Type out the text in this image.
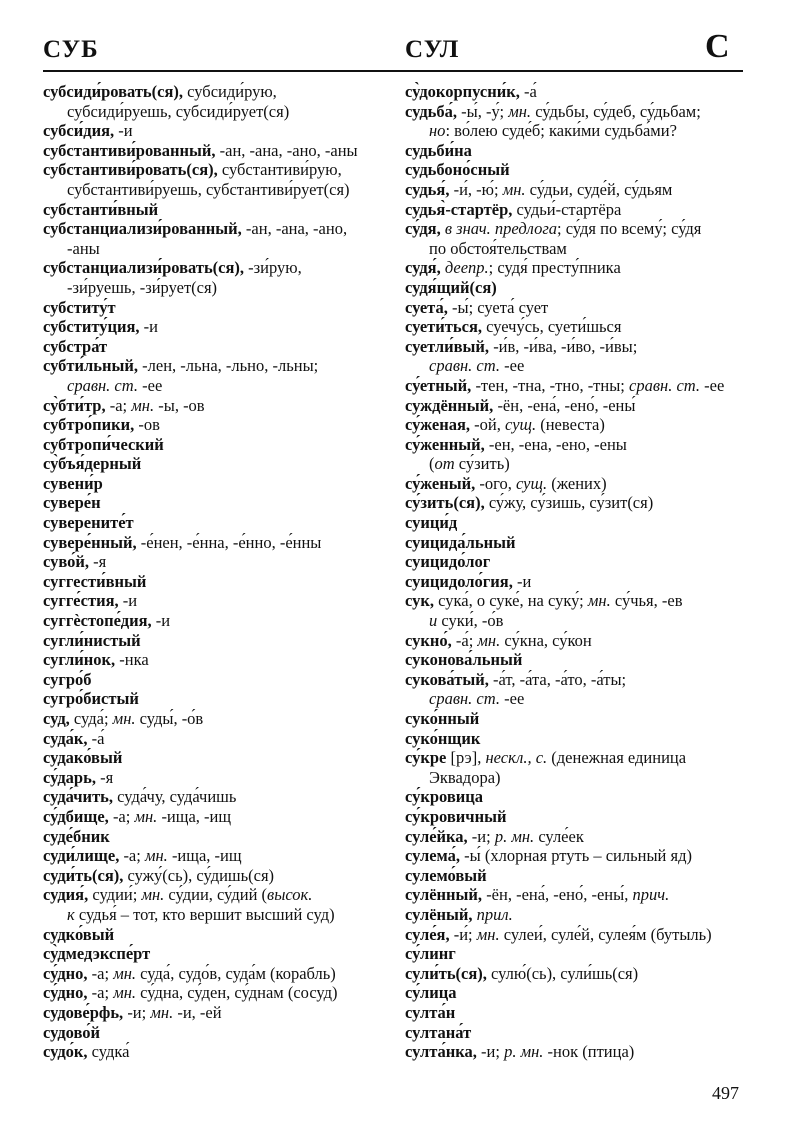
СУБ	СУЛ	С
субсиди́ровать(ся), субсиди́рую,
субсиди́руешь, субсиди́рует(ся)
субси́дия, -и
субстантиви́рованный, -ан, -ана, -ано, -аны
субстантиви́ровать(ся), субстантиви́рую,
субстантиви́руешь, субстантиви́рует(ся)
субстанти́вный
субстанциализи́рованный, -ан, -ана, -ано,
-аны
субстанциализи́ровать(ся), -зи́рую,
-зи́руешь, -зи́рует(ся)
субститу́т
субститу́ция, -и
субстра́т
субти́льный, -лен, -льна, -льно, -льны;
сравн. ст. -ее
су̀бти́тр, -а; мн. -ы, -ов
субтро́пики, -ов
субтропи́ческий
су̀бъя́дерный
сувени́р
сувере́н
суверените́т
сувере́нный, -е́нен, -е́нна, -е́нно, -е́нны
суво́й, -я
суггести́вный
сугге́стия, -и
суггѐстопе́дия, -и
сугли́нистый
сугли́нок, -нка
сугро́б
сугро́бистый
суд, суда́; мн. суды́, -о́в
суда́к, -а́
судако́вый
су́дарь, -я
суда́чить, суда́чу, суда́чишь
су́дбище, -а; мн. -ища, -ищ
суде́бник
суди́лище, -а; мн. -ища, -ищ
суди́ть(ся), сужу́(сь), су́дишь(ся)
судия́, судии́; мн. су́дии, су́дий (высок.
к судья́ – тот, кто вершит высший суд)
судко́вый
су̀дмедэкспе́рт
су́дно, -а; мн. суда́, судо́в, суда́м (корабль)
су́дно, -а; мн. су́дна, су́ден, су́днам (сосуд)
судове́рфь, -и; мн. -и, -ей
судово́й
судо́к, судка́
су̀докорпусни́к, -а́
судьба́, -ы́, -у́; мн. су́дьбы, су́деб, су́дьбам;
но: во́лею суде́б; каки́ми судьба́ми?
судьби́на
судьбоно́сный
судья́, -и́, -ю́; мн. су́дьи, суде́й, су́дьям
судья̀-стартёр, судьи́-стартёра
су́дя, в знач. предлога; су́дя по всему́; су́дя
по обстоя́тельствам
судя́, деепр.; судя́ престу́пника
судя́щий(ся)
суета́, -ы́; суета́ сует
суети́ться, суечу́сь, суети́шься
суетли́вый, -и́в, -и́ва, -и́во, -и́вы;
сравн. ст. -ее
су́етный, -тен, -тна, -тно, -тны; сравн. ст. -ее
суждённый, -ён, -ена́, -ено́, -ены́
су́женая, -ой, сущ. (невеста)
су́женный, -ен, -ена, -ено, -ены
(от су́зить)
су́женый, -ого, сущ. (жених)
су́зить(ся), су́жу, су́зишь, су́зит(ся)
суици́д
суицида́льный
суицидо́лог
суицидоло́гия, -и
сук, сука́, о суке́, на суку́; мн. су́чья, -ев
и суки́, -о́в
сукно́, -а́; мн. су́кна, су́кон
суконова́льный
сукова́тый, -а́т, -а́та, -а́то, -а́ты;
сравн. ст. -ее
суко́нный
суко́нщик
су́кре [рэ], нескл., с. (денежная единица
Эквадора)
су́кровица
су́кровичный
суле́йка, -и; р. мн. суле́ек
сулема́, -ы́ (хлорная ртуть – сильный яд)
сулемо́вый
сулённый, -ён, -ена́, -ено́, -ены́, прич.
сулёный, прил.
суле́я, -и́; мн. сулеи́, суле́й, сулея́м (бутыль)
су́линг
сули́ть(ся), сулю́(сь), сули́шь(ся)
су́лица
султа́н
султана́т
султа́нка, -и; р. мн. -нок (птица)
497
